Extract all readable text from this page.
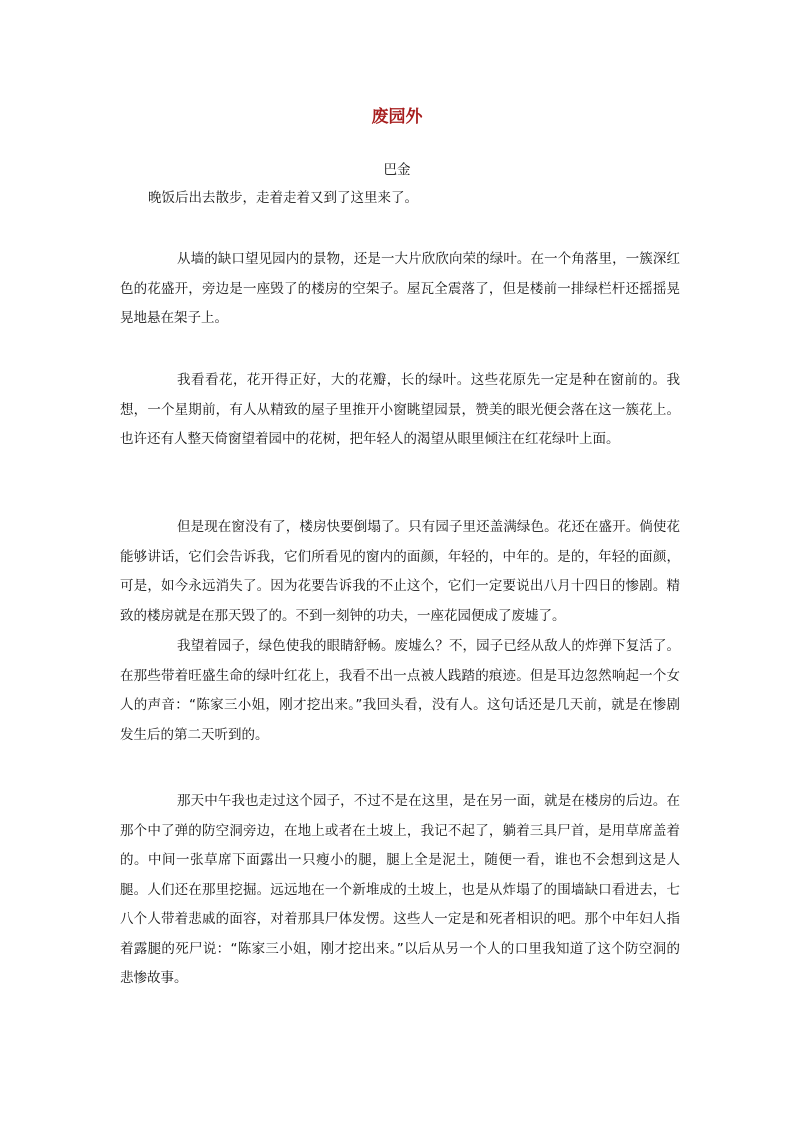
废园外
巴金
晚饭后出去散步，走着走着又到了这里来了。

从墙的缺口望见园内的景物，还是一大片欣欣向荣的绿叶。在一个角落里，一簇深红色的花盛开，旁边是一座毁了的楼房的空架子。屋瓦全震落了，但是楼前一排绿栏杆还摇摇晃晃地悬在架子上。

我看看花，花开得正好，大的花瓣，长的绿叶。这些花原先一定是种在窗前的。我想，一个星期前，有人从精致的屋子里推开小窗眺望园景，赞美的眼光便会落在这一簇花上。也许还有人整天倚窗望着园中的花树，把年轻人的渴望从眼里倾注在红花绿叶上面。

但是现在窗没有了，楼房快要倒塌了。只有园子里还盖满绿色。花还在盛开。倘使花能够讲话，它们会告诉我，它们所看见的窗内的面颜，年轻的，中年的。是的，年轻的面颜，可是，如今永远消失了。因为花要告诉我的不止这个，它们一定要说出八月十四日的惨剧。精致的楼房就是在那天毁了的。不到一刻钟的功夫，一座花园便成了废墟了。

我望着园子，绿色使我的眼睛舒畅。废墟么？不，园子已经从敌人的炸弹下复活了。在那些带着旺盛生命的绿叶红花上，我看不出一点被人践踏的痕迹。但是耳边忽然响起一个女人的声音：“陈家三小姐，刚才挖出来。”我回头看，没有人。这句话还是几天前，就是在惨剧发生后的第二天听到的。

那天中午我也走过这个园子，不过不是在这里，是在另一面，就是在楼房的后边。在那个中了弹的防空洞旁边，在地上或者在土坡上，我记不起了，躺着三具尸首，是用草席盖着的。中间一张草席下面露出一只瘦小的腿，腿上全是泥土，随便一看，谁也不会想到这是人腿。人们还在那里挖掘。远远地在一个新堆成的土坡上，也是从炸塌了的围墙缺口看进去，七八个人带着悲戚的面容，对着那具尸体发愣。这些人一定是和死者相识的吧。那个中年妇人指着露腿的死尸说：“陈家三小姐，刚才挖出来。”以后从另一个人的口里我知道了这个防空洞的悲惨故事。
